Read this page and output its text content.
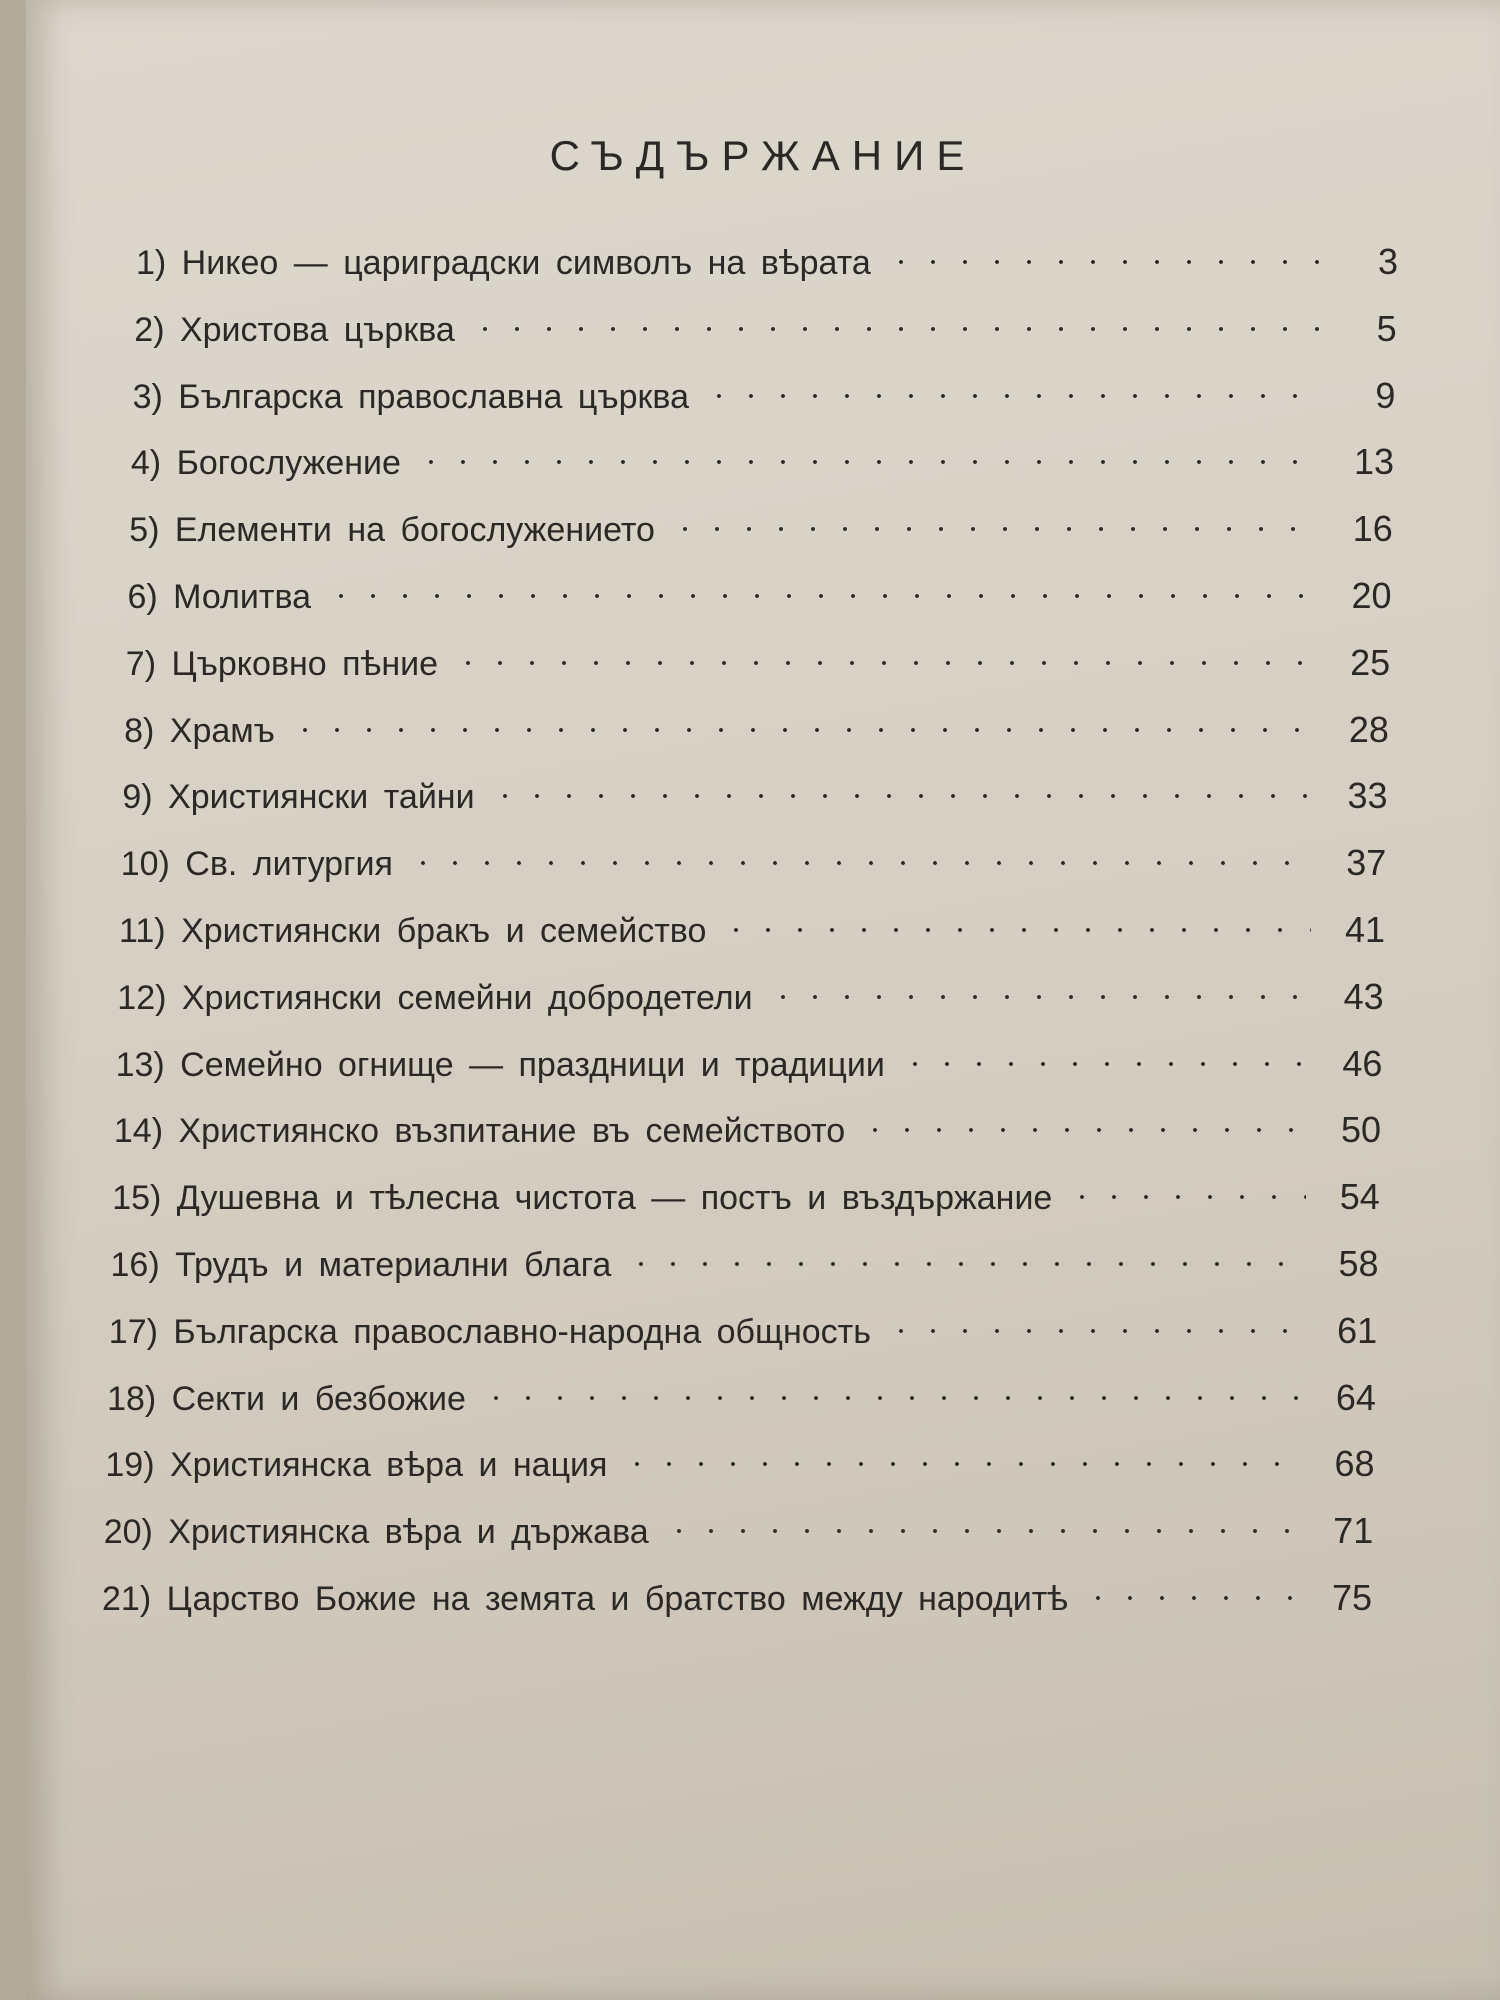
СЪДЪРЖАНИЕ
1) Никео — цариградски символъ на вѣрата	3
2) Христова църква	5
3) Българска православна църква	9
4) Богослужение	13
5) Елементи на богослужението	16
6) Молитва	20
7) Църковно пѣние	25
8) Храмъ	28
9) Християнски тайни	33
10) Св. литургия	37
11) Християнски бракъ и семейство	41
12) Християнски семейни добродетели	43
13) Семейно огнище — праздници и традиции	46
14) Християнско възпитание въ семейството	50
15) Душевна и тѣлесна чистота — постъ и въздържание	54
16) Трудъ и материални блага	58
17) Българска православно-народна общность	61
18) Секти и безбожие	64
19) Християнска вѣра и нация	68
20) Християнска вѣра и държава	71
21) Царство Божие на земята и братство между народитѣ	75
